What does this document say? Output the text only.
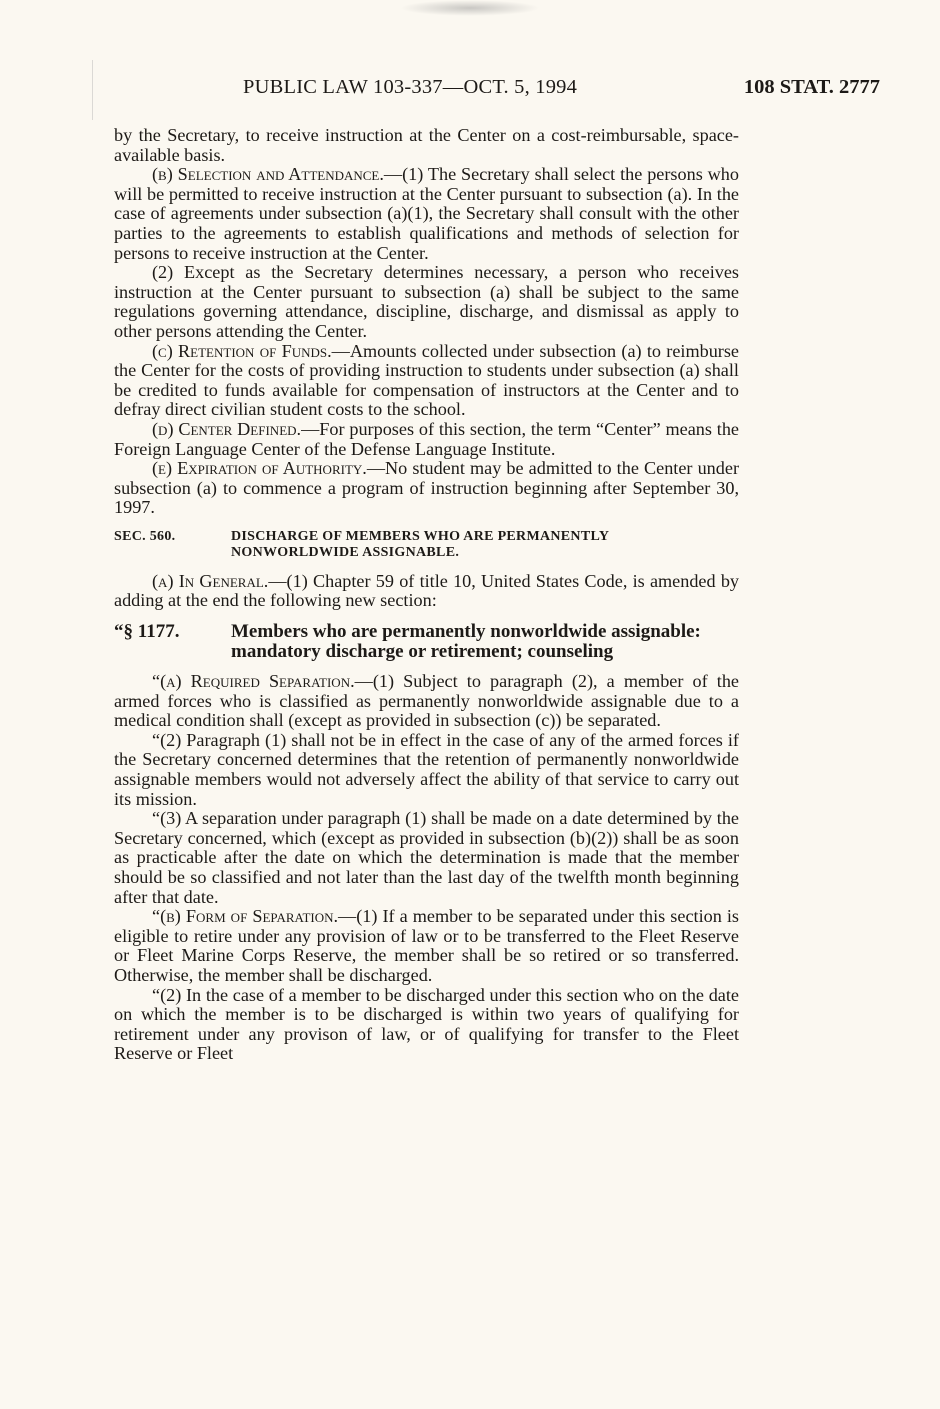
PUBLIC LAW 103-337—OCT. 5, 1994	108 STAT. 2777

by the Secretary, to receive instruction at the Center on a cost-reimbursable, space-available basis.

(b) Selection and Attendance.—(1) The Secretary shall select the persons who will be permitted to receive instruction at the Center pursuant to subsection (a). In the case of agreements under subsection (a)(1), the Secretary shall consult with the other parties to the agreements to establish qualifications and methods of selection for persons to receive instruction at the Center.

(2) Except as the Secretary determines necessary, a person who receives instruction at the Center pursuant to subsection (a) shall be subject to the same regulations governing attendance, discipline, discharge, and dismissal as apply to other persons attending the Center.

(c) Retention of Funds.—Amounts collected under subsection (a) to reimburse the Center for the costs of providing instruction to students under subsection (a) shall be credited to funds available for compensation of instructors at the Center and to defray direct civilian student costs to the school.

(d) Center Defined.—For purposes of this section, the term “Center” means the Foreign Language Center of the Defense Language Institute.

(e) Expiration of Authority.—No student may be admitted to the Center under subsection (a) to commence a program of instruction beginning after September 30, 1997.

SEC. 560.	DISCHARGE OF MEMBERS WHO ARE PERMANENTLY NONWORLDWIDE ASSIGNABLE.

(a) In General.—(1) Chapter 59 of title 10, United States Code, is amended by adding at the end the following new section:

“§ 1177.	Members who are permanently nonworldwide assignable: mandatory discharge or retirement; counseling

“(a) Required Separation.—(1) Subject to paragraph (2), a member of the armed forces who is classified as permanently nonworldwide assignable due to a medical condition shall (except as provided in subsection (c)) be separated.

“(2) Paragraph (1) shall not be in effect in the case of any of the armed forces if the Secretary concerned determines that the retention of permanently nonworldwide assignable members would not adversely affect the ability of that service to carry out its mission.

“(3) A separation under paragraph (1) shall be made on a date determined by the Secretary concerned, which (except as provided in subsection (b)(2)) shall be as soon as practicable after the date on which the determination is made that the member should be so classified and not later than the last day of the twelfth month beginning after that date.

“(b) Form of Separation.—(1) If a member to be separated under this section is eligible to retire under any provision of law or to be transferred to the Fleet Reserve or Fleet Marine Corps Reserve, the member shall be so retired or so transferred. Otherwise, the member shall be discharged.

“(2) In the case of a member to be discharged under this section who on the date on which the member is to be discharged is within two years of qualifying for retirement under any provison of law, or of qualifying for transfer to the Fleet Reserve or Fleet
